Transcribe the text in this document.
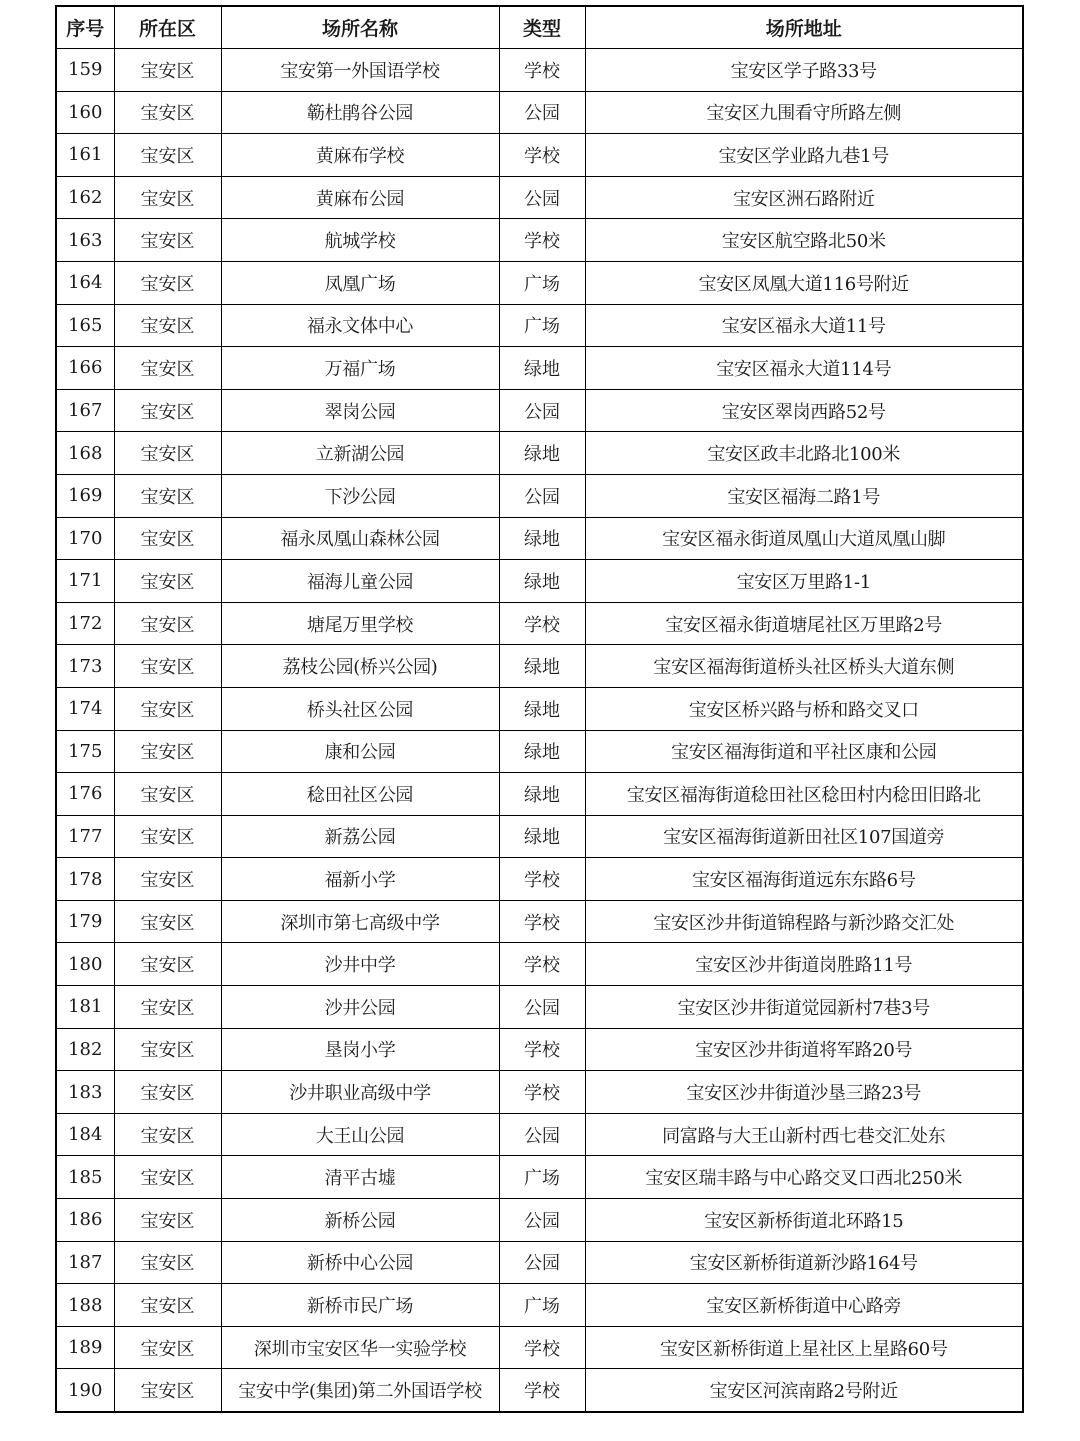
序号	所在区	场所名称	类型	场所地址
159	宝安区	宝安第一外国语学校	学校	宝安区学子路33号
160	宝安区	簕杜鹃谷公园	公园	宝安区九围看守所路左侧
161	宝安区	黄麻布学校	学校	宝安区学业路九巷1号
162	宝安区	黄麻布公园	公园	宝安区洲石路附近
163	宝安区	航城学校	学校	宝安区航空路北50米
164	宝安区	凤凰广场	广场	宝安区凤凰大道116号附近
165	宝安区	福永文体中心	广场	宝安区福永大道11号
166	宝安区	万福广场	绿地	宝安区福永大道114号
167	宝安区	翠岗公园	公园	宝安区翠岗西路52号
168	宝安区	立新湖公园	绿地	宝安区政丰北路北100米
169	宝安区	下沙公园	公园	宝安区福海二路1号
170	宝安区	福永凤凰山森林公园	绿地	宝安区福永街道凤凰山大道凤凰山脚
171	宝安区	福海儿童公园	绿地	宝安区万里路1-1
172	宝安区	塘尾万里学校	学校	宝安区福永街道塘尾社区万里路2号
173	宝安区	荔枝公园(桥兴公园)	绿地	宝安区福海街道桥头社区桥头大道东侧
174	宝安区	桥头社区公园	绿地	宝安区桥兴路与桥和路交叉口
175	宝安区	康和公园	绿地	宝安区福海街道和平社区康和公园
176	宝安区	稔田社区公园	绿地	宝安区福海街道稔田社区稔田村内稔田旧路北
177	宝安区	新荔公园	绿地	宝安区福海街道新田社区107国道旁
178	宝安区	福新小学	学校	宝安区福海街道远东东路6号
179	宝安区	深圳市第七高级中学	学校	宝安区沙井街道锦程路与新沙路交汇处
180	宝安区	沙井中学	学校	宝安区沙井街道岗胜路11号
181	宝安区	沙井公园	公园	宝安区沙井街道觉园新村7巷3号
182	宝安区	垦岗小学	学校	宝安区沙井街道将军路20号
183	宝安区	沙井职业高级中学	学校	宝安区沙井街道沙垦三路23号
184	宝安区	大王山公园	公园	同富路与大王山新村西七巷交汇处东
185	宝安区	清平古墟	广场	宝安区瑞丰路与中心路交叉口西北250米
186	宝安区	新桥公园	公园	宝安区新桥街道北环路15
187	宝安区	新桥中心公园	公园	宝安区新桥街道新沙路164号
188	宝安区	新桥市民广场	广场	宝安区新桥街道中心路旁
189	宝安区	深圳市宝安区华一实验学校	学校	宝安区新桥街道上星社区上星路60号
190	宝安区	宝安中学(集团)第二外国语学校	学校	宝安区河滨南路2号附近
